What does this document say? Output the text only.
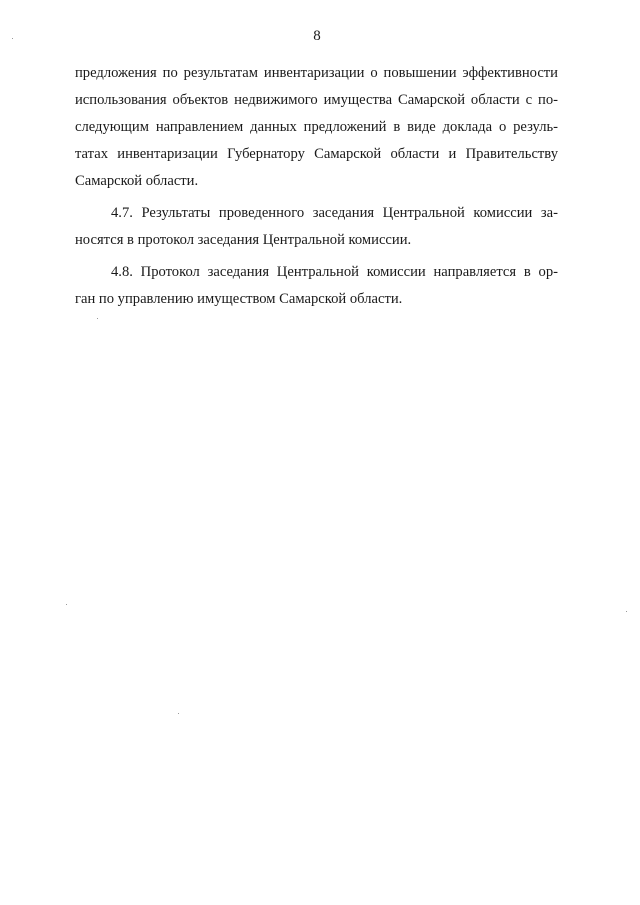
8
предложения по результатам инвентаризации о повышении эффективности
использования объектов недвижимого имущества Самарской области с по-
следующим направлением данных предложений в виде доклада о резуль-
татах инвентаризации Губернатору Самарской области и Правительству
Самарской области.
4.7. Результаты проведенного заседания Центральной комиссии за-
носятся в протокол заседания Центральной комиссии.
4.8. Протокол заседания Центральной комиссии направляется в ор-
ган по управлению имуществом Самарской области.
